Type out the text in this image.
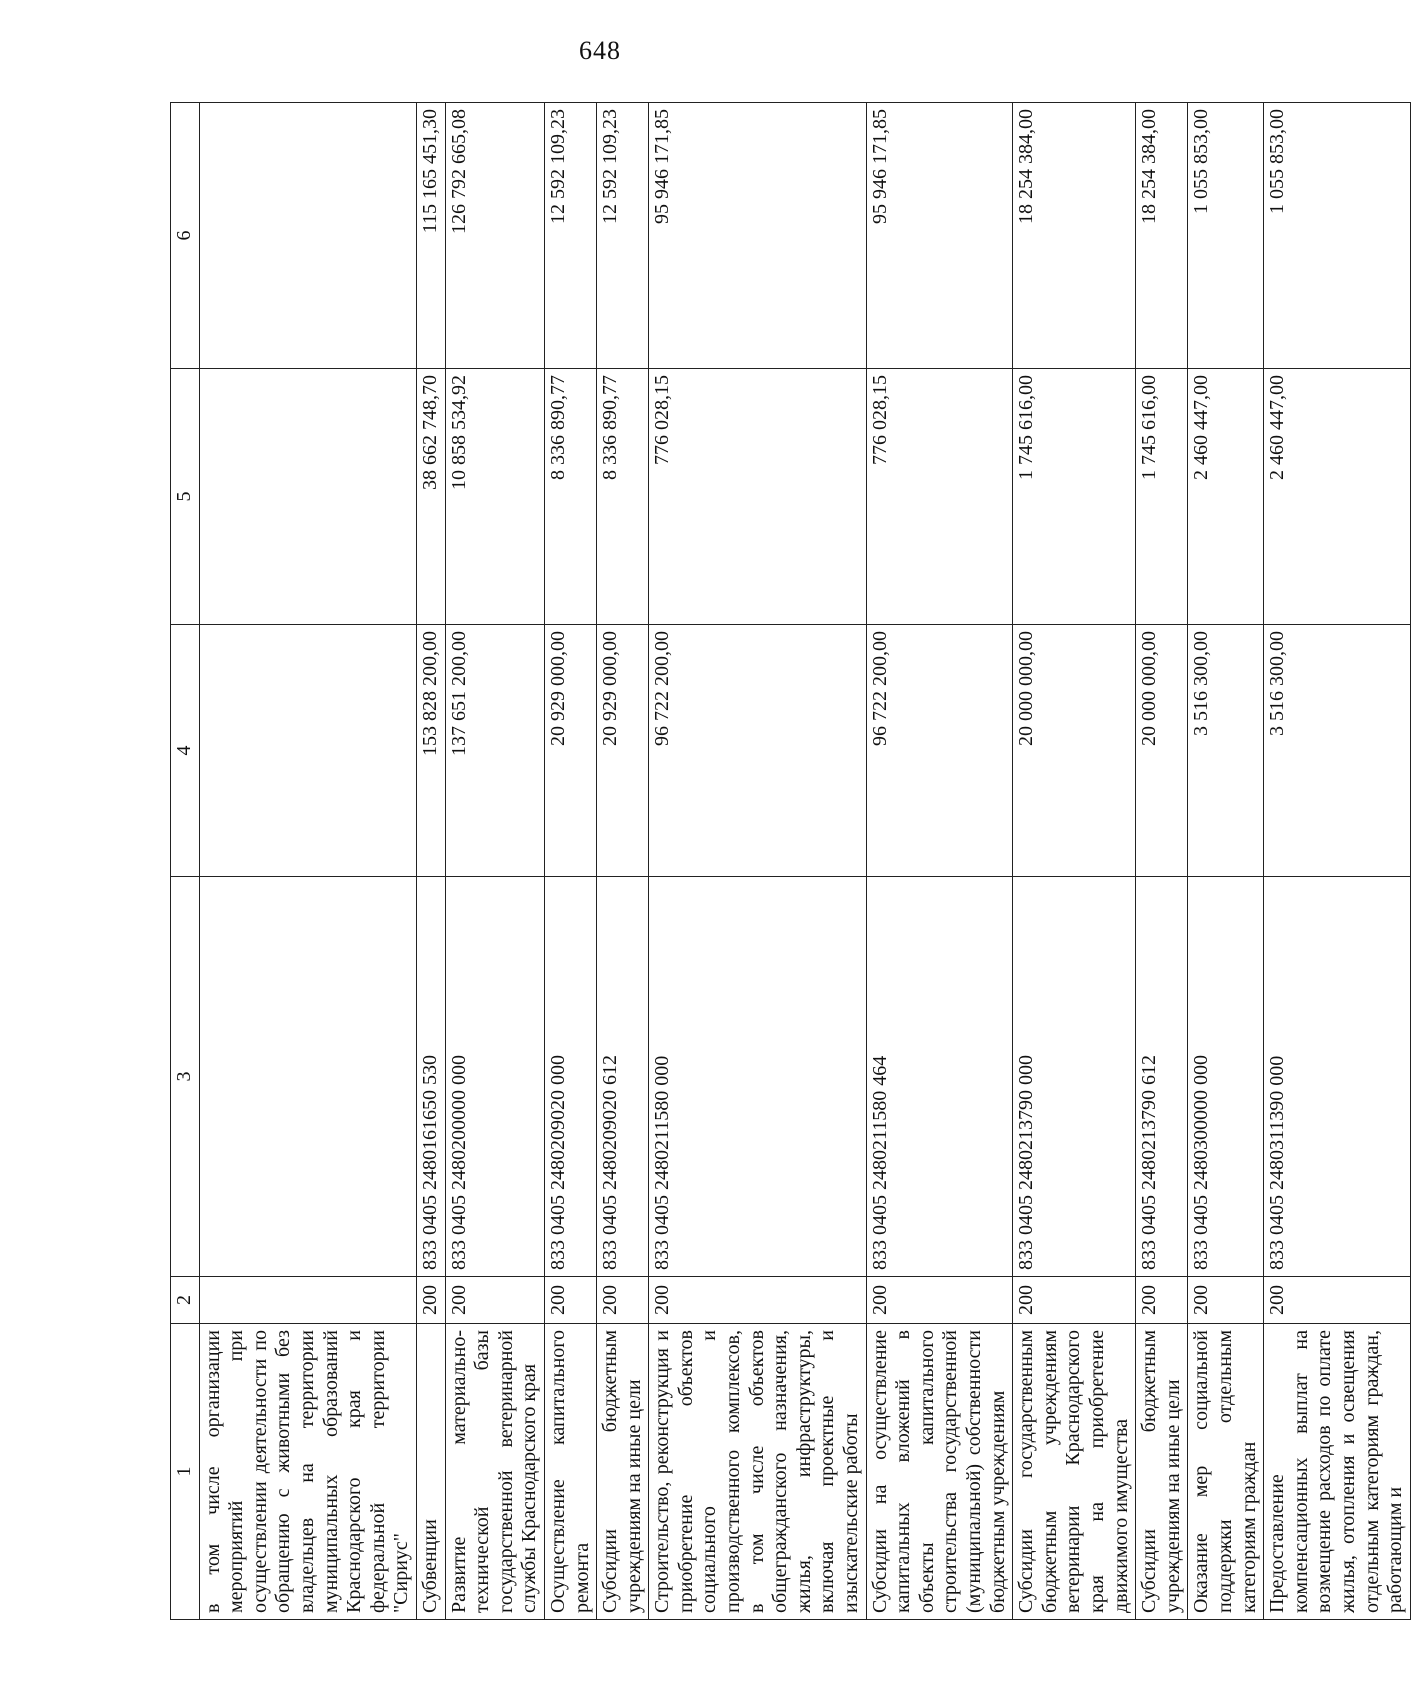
648
1	2	3	4	5	6
в том числе организации мероприятий при осуществлении деятельности по обращению с животными без владельцев на территории муниципальных образований Краснодарского края и федеральной территории "Сириус"					
Субвенции	200	833 0405 2480161650 530	153 828 200,00	38 662 748,70	115 165 451,30
Развитие материально-технической базы государственной ветеринарной службы Краснодарского края	200	833 0405 2480200000 000	137 651 200,00	10 858 534,92	126 792 665,08
Осуществление капитального ремонта	200	833 0405 2480209020 000	20 929 000,00	8 336 890,77	12 592 109,23
Субсидии бюджетным учреждениям на иные цели	200	833 0405 2480209020 612	20 929 000,00	8 336 890,77	12 592 109,23
Строительство, реконструкция и приобретение объектов социального и производственного комплексов, в том числе объектов общегражданского назначения, жилья, инфраструктуры, включая проектные и изыскательские работы	200	833 0405 2480211580 000	96 722 200,00	776 028,15	95 946 171,85
Субсидии на осуществление капитальных вложений в объекты капитального строительства государственной (муниципальной) собственности бюджетным учреждениям	200	833 0405 2480211580 464	96 722 200,00	776 028,15	95 946 171,85
Субсидии государственным бюджетным учреждениям ветеринарии Краснодарского края на приобретение движимого имущества	200	833 0405 2480213790 000	20 000 000,00	1 745 616,00	18 254 384,00
Субсидии бюджетным учреждениям на иные цели	200	833 0405 2480213790 612	20 000 000,00	1 745 616,00	18 254 384,00
Оказание мер социальной поддержки отдельным категориям граждан	200	833 0405 2480300000 000	3 516 300,00	2 460 447,00	1 055 853,00
Предоставление компенсационных выплат на возмещение расходов по оплате жилья, отопления и освещения отдельным категориям граждан, работающим и	200	833 0405 2480311390 000	3 516 300,00	2 460 447,00	1 055 853,00
